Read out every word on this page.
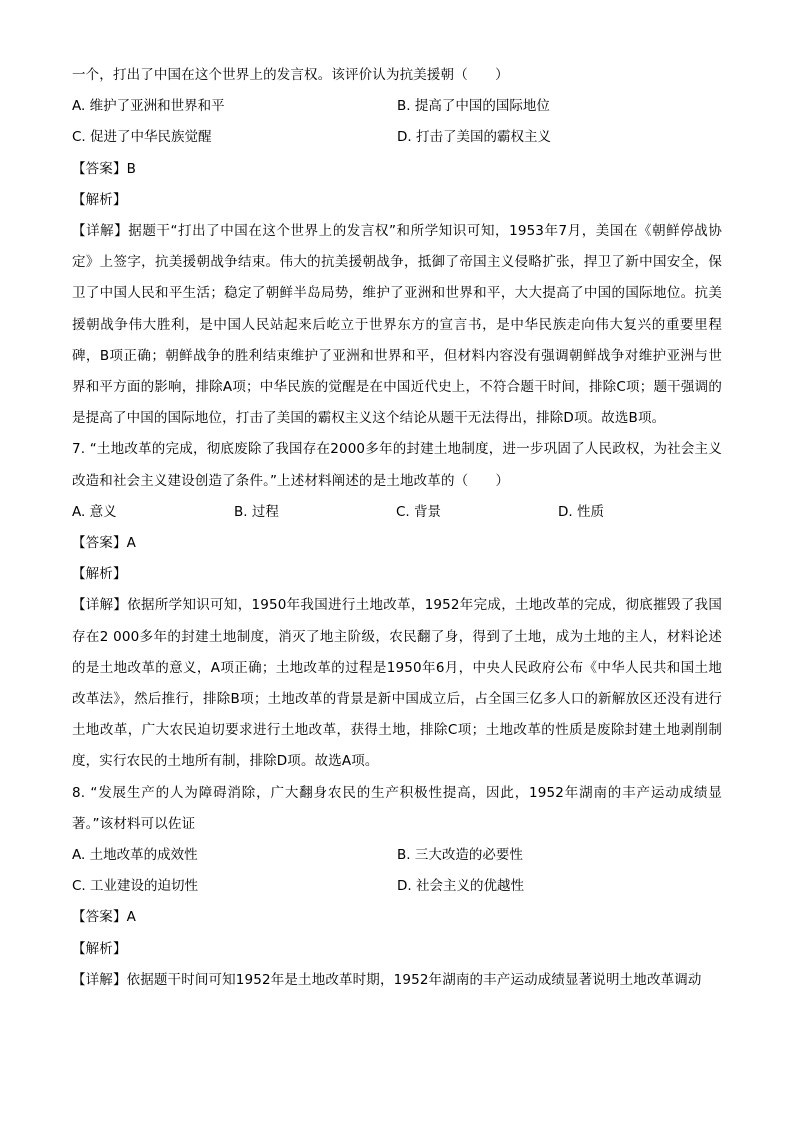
一个，打出了中国在这个世界上的发言权。该评价认为抗美援朝（　　）
A. 维护了亚洲和世界和平	B. 提高了中国的国际地位
C. 促进了中华民族觉醒	D. 打击了美国的霸权主义
【答案】B
【解析】
【详解】据题干“打出了中国在这个世界上的发言权”和所学知识可知，1953年7月，美国在《朝鲜停战协定》上签字，抗美援朝战争结束。伟大的抗美援朝战争，抵御了帝国主义侵略扩张，捍卫了新中国安全，保卫了中国人民和平生活；稳定了朝鲜半岛局势，维护了亚洲和世界和平，大大提高了中国的国际地位。抗美援朝战争伟大胜利，是中国人民站起来后屹立于世界东方的宣言书，是中华民族走向伟大复兴的重要里程碑，B项正确；朝鲜战争的胜利结束维护了亚洲和世界和平，但材料内容没有强调朝鲜战争对维护亚洲与世界和平方面的影响，排除A项；中华民族的觉醒是在中国近代史上，不符合题干时间，排除C项；题干强调的是提高了中国的国际地位，打击了美国的霸权主义这个结论从题干无法得出，排除D项。故选B项。
7. “土地改革的完成，彻底废除了我国存在2000多年的封建土地制度，进一步巩固了人民政权，为社会主义改造和社会主义建设创造了条件。”上述材料阐述的是土地改革的（　　）
A. 意义	B. 过程	C. 背景	D. 性质
【答案】A
【解析】
【详解】依据所学知识可知，1950年我国进行土地改革，1952年完成，土地改革的完成，彻底摧毁了我国存在2 000多年的封建土地制度，消灭了地主阶级，农民翻了身，得到了土地，成为土地的主人，材料论述的是土地改革的意义，A项正确；土地改革的过程是1950年6月，中央人民政府公布《中华人民共和国土地改革法》，然后推行，排除B项；土地改革的背景是新中国成立后，占全国三亿多人口的新解放区还没有进行土地改革，广大农民迫切要求进行土地改革，获得土地，排除C项；土地改革的性质是废除封建土地剥削制度，实行农民的土地所有制，排除D项。故选A项。
8. “发展生产的人为障碍消除，广大翻身农民的生产积极性提高，因此，1952年湖南的丰产运动成绩显著。”该材料可以佐证
A. 土地改革的成效性	B. 三大改造的必要性
C. 工业建设的迫切性	D. 社会主义的优越性
【答案】A
【解析】
【详解】依据题干时间可知1952年是土地改革时期，1952年湖南的丰产运动成绩显著说明土地改革调动
